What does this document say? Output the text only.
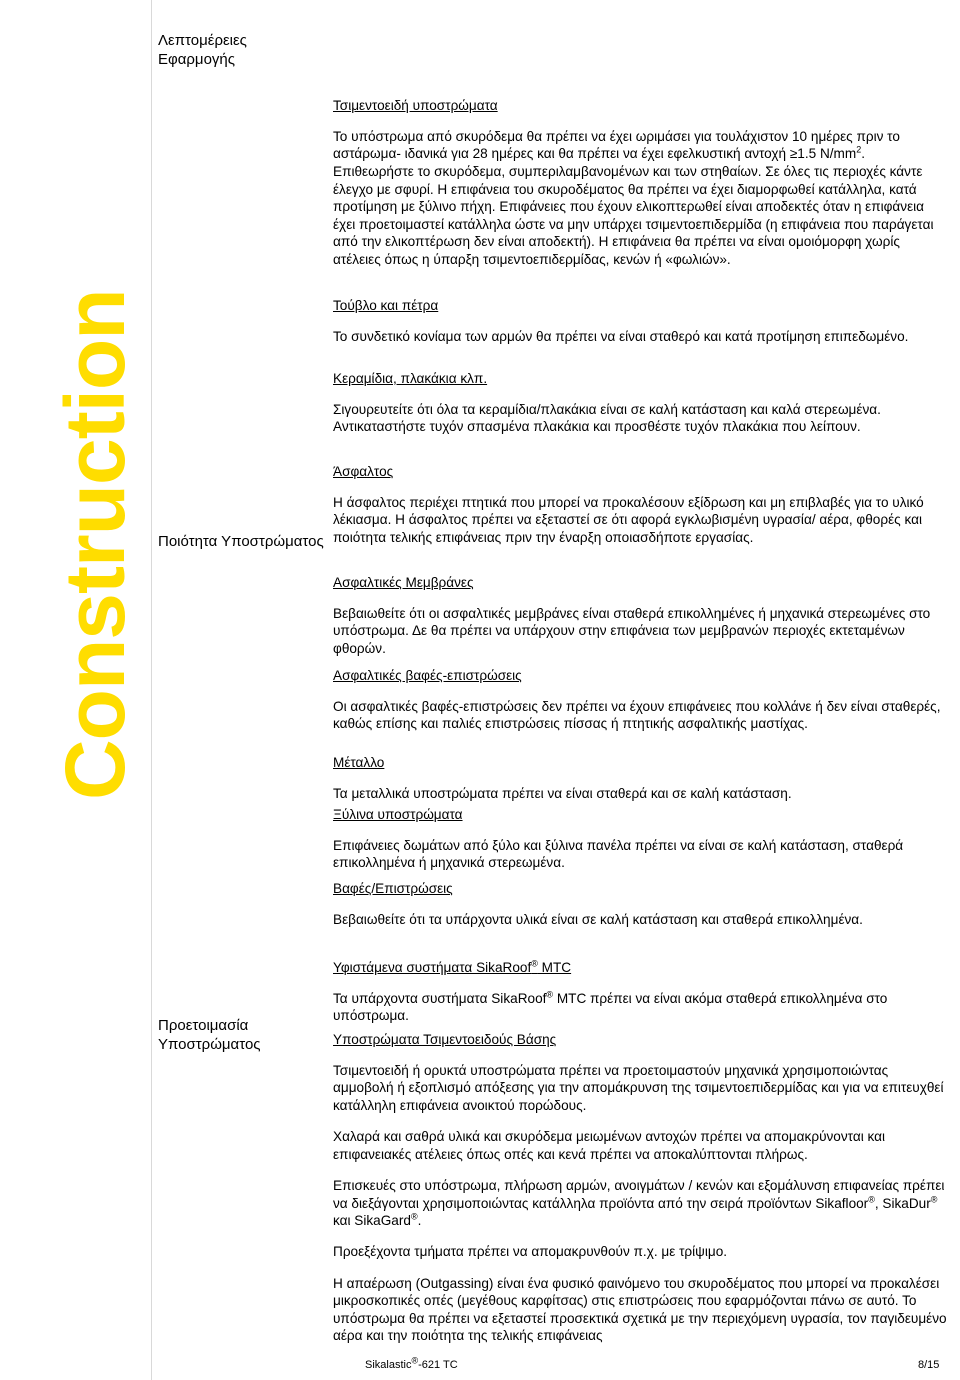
Construction
Λεπτομέρειες Εφαρμογής
Ποιότητα Υποστρώματος
Προετοιμασία Υποστρώματος

Τσιμεντοειδή υποστρώματα

Το υπόστρωμα από σκυρόδεμα θα πρέπει να έχει ωριμάσει για τουλάχιστον 10 ημέρες πριν το αστάρωμα- ιδανικά για 28 ημέρες και θα πρέπει να έχει εφελκυστική αντοχή ≥1.5 $N/mm^2$. Επιθεωρήστε το σκυρόδεμα, συμπεριλαμβανομένων και των στηθαίων. Σε όλες τις περιοχές κάντε έλεγχο με σφυρί. Η επιφάνεια του σκυροδέματος θα πρέπει να έχει διαμορφωθεί κατάλληλα, κατά προτίμηση με ξύλινο πήχη. Επιφάνειες που έχουν ελικοπτερωθεί είναι αποδεκτές όταν η επιφάνεια έχει προετοιμαστεί κατάλληλα ώστε να μην υπάρχει τσιμεντοεπιδερμίδα (η επιφάνεια που παράγεται από την ελικοπτέρωση δεν είναι αποδεκτή). Η επιφάνεια θα πρέπει να είναι ομοιόμορφη χωρίς ατέλειες όπως η ύπαρξη τσιμεντοεπιδερμίδας, κενών ή «φωλιών».

Τούβλο και πέτρα

Το συνδετικό κονίαμα των αρμών θα πρέπει να είναι σταθερό και κατά προτίμηση επιπεδωμένο.

Κεραμίδια, πλακάκια κλπ.

Σιγουρευτείτε ότι όλα τα κεραμίδια/πλακάκια είναι σε καλή κατάσταση και καλά στερεωμένα. Αντικαταστήστε τυχόν σπασμένα πλακάκια και προσθέστε τυχόν πλακάκια που λείπουν.

Άσφαλτος

Η άσφαλτος περιέχει πτητικά που μπορεί να προκαλέσουν εξίδρωση και μη επιβλαβές για το υλικό λέκιασμα. Η άσφαλτος πρέπει να εξεταστεί σε ότι αφορά εγκλωβισμένη υγρασία/ αέρα, φθορές και ποιότητα τελικής επιφάνειας πριν την έναρξη οποιασδήποτε εργασίας.

Ασφαλτικές Μεμβράνες

Βεβαιωθείτε ότι οι ασφαλτικές μεμβράνες είναι σταθερά επικολλημένες ή μηχανικά στερεωμένες στο υπόστρωμα. Δε θα πρέπει να υπάρχουν στην επιφάνεια των μεμβρανών περιοχές εκτεταμένων φθορών.

Ασφαλτικές βαφές-επιστρώσεις

Οι ασφαλτικές βαφές-επιστρώσεις δεν πρέπει να έχουν επιφάνειες που κολλάνε ή δεν είναι σταθερές, καθώς επίσης και παλιές επιστρώσεις πίσσας ή πτητικής ασφαλτικής μαστίχας.

Μέταλλο

Τα μεταλλικά υποστρώματα πρέπει να είναι σταθερά και σε καλή κατάσταση.

Ξύλινα υποστρώματα

Επιφάνειες δωμάτων από ξύλο και ξύλινα πανέλα πρέπει να είναι σε καλή κατάσταση, σταθερά επικολλημένα ή μηχανικά στερεωμένα.

Βαφές/Επιστρώσεις

Βεβαιωθείτε ότι τα υπάρχοντα υλικά είναι σε καλή κατάσταση και σταθερά επικολλημένα.

Υφιστάμενα συστήματα SikaRoof® MTC

Τα υπάρχοντα συστήματα SikaRoof® MTC πρέπει να είναι ακόμα σταθερά επικολλημένα στο υπόστρωμα.

Υποστρώματα Τσιμεντοειδούς Βάσης

Τσιμεντοειδή ή ορυκτά υποστρώματα πρέπει να προετοιμαστούν μηχανικά χρησιμοποιώντας αμμοβολή ή εξοπλισμό απόξεσης για την απομάκρυνση της τσιμεντοεπιδερμίδας και για να επιτευχθεί κατάλληλη επιφάνεια ανοικτού πορώδους.

Χαλαρά και σαθρά υλικά και σκυρόδεμα μειωμένων αντοχών πρέπει να απομακρύνονται και επιφανειακές ατέλειες όπως οπές και κενά πρέπει να αποκαλύπτονται πλήρως.

Επισκευές στο υπόστρωμα, πλήρωση αρμών, ανοιγμάτων / κενών και εξομάλυνση επιφανείας πρέπει να διεξάγονται χρησιμοποιώντας κατάλληλα προϊόντα από την σειρά προϊόντων Sikafloor®, SikaDur® και SikaGard®.

Προεξέχοντα τμήματα πρέπει να απομακρυνθούν π.χ. με τρίψιμο.

Η απαέρωση (Outgassing) είναι ένα φυσικό φαινόμενο του σκυροδέματος που μπορεί να προκαλέσει μικροσκοπικές οπές (μεγέθους καρφίτσας) στις επιστρώσεις που εφαρμόζονται πάνω σε αυτό. Το υπόστρωμα θα πρέπει να εξεταστεί προσεκτικά σχετικά με την περιεχόμενη υγρασία, τον παγιδευμένο αέρα και την ποιότητα της τελικής επιφάνειας

Sikalastic®-621 TC	8/15
